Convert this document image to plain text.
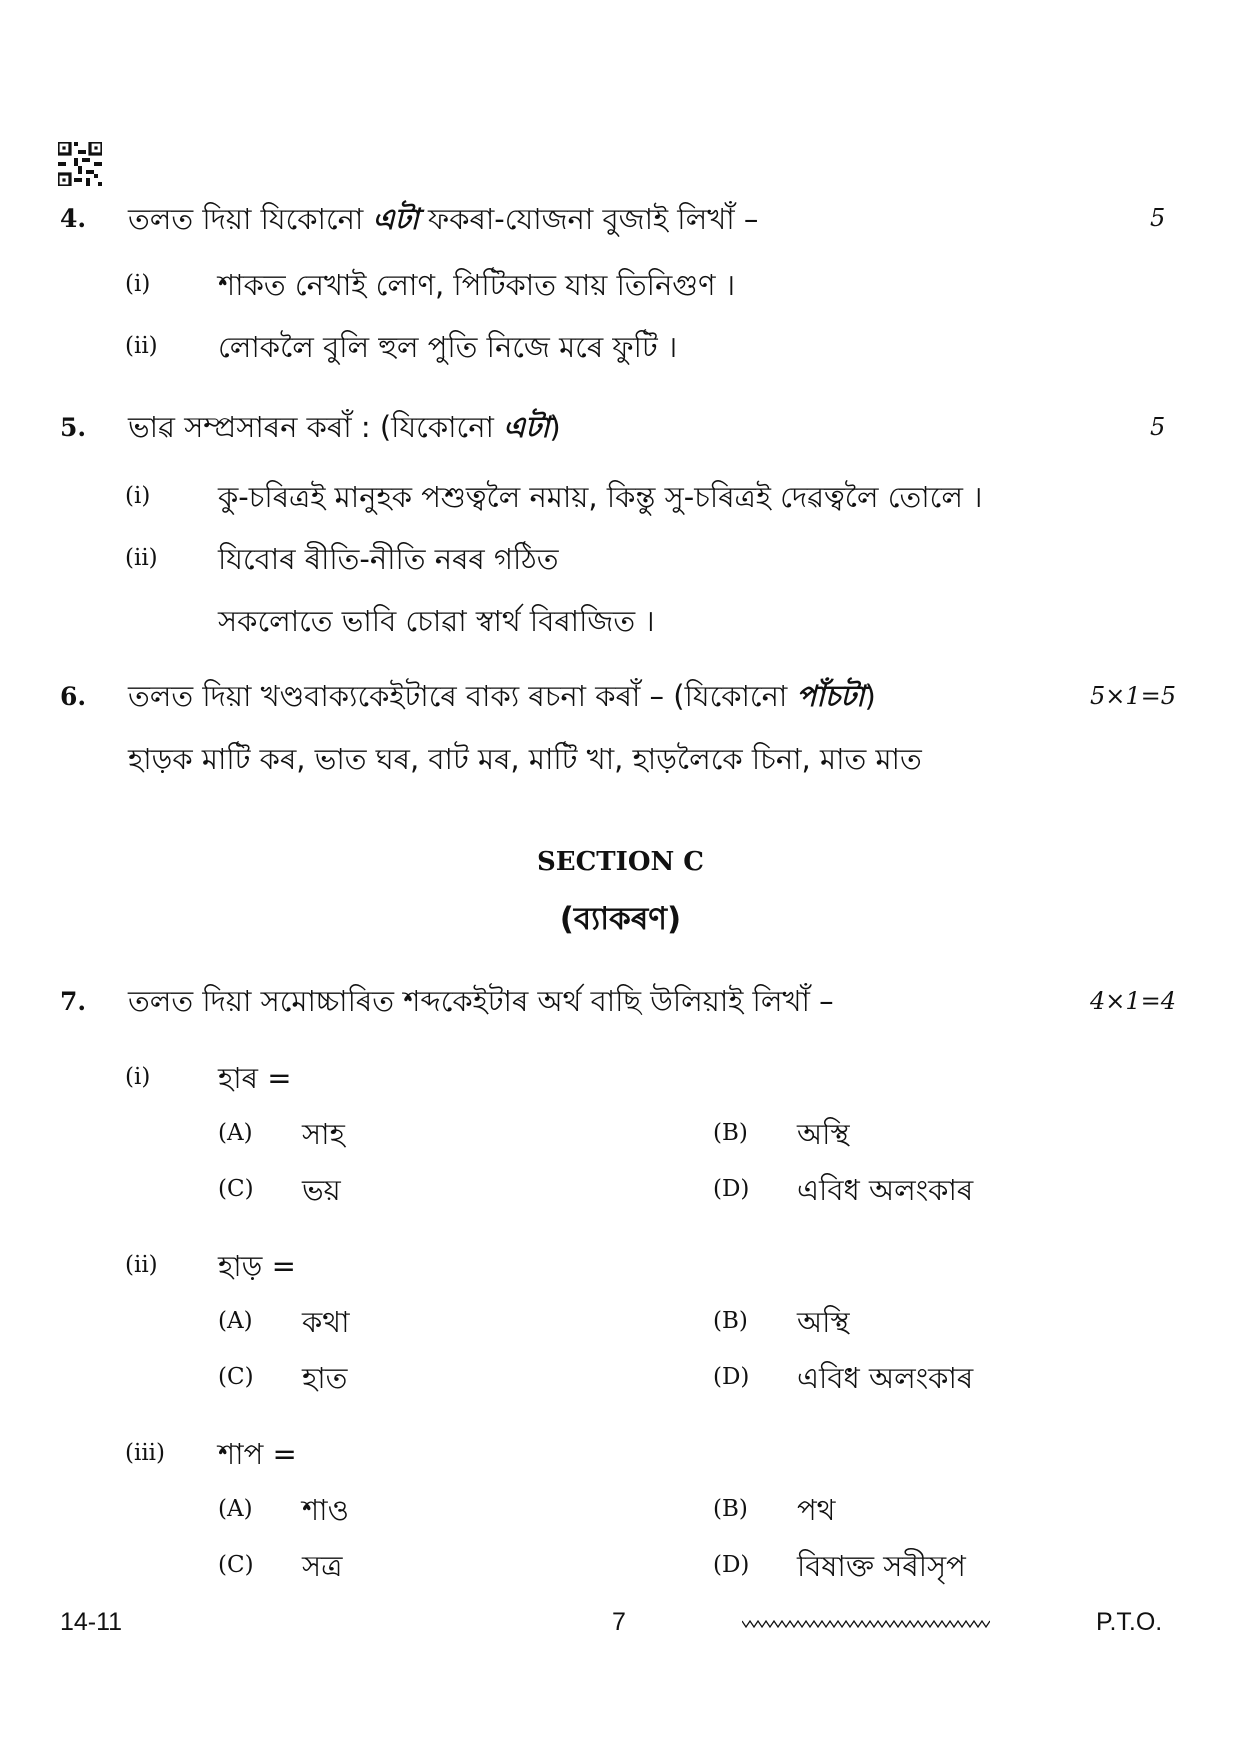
4. তলত দিয়া যিকোনো এটা ফকৰা-যোজনা বুজাই লিখাঁ –	5
(i) শাকত নেখাই লোণ, পিটিকাত যায় তিনিগুণ ।
(ii) লোকলৈ বুলি হুল পুতি নিজে মৰে ফুটি ।
5. ভাৱ সম্প্ৰসাৰন কৰাঁ : (যিকোনো এটা)	5
(i) কু-চৰিত্ৰই মানুহক পশুত্বলৈ নমায়, কিন্তু সু-চৰিত্ৰই দেৱত্বলৈ তোলে ।
(ii) যিবোৰ ৰীতি-নীতি নৰৰ গঠিত
সকলোতে ভাবি চোৱা স্বাৰ্থ বিৰাজিত ।
6. তলত দিয়া খণ্ডবাক্যকেইটাৰে বাক্য ৰচনা কৰাঁ – (যিকোনো পাঁচটা)	5×1=5
হাড়ক মাটি কৰ, ভাত ঘৰ, বাট মৰ, মাটি খা, হাড়লৈকে চিনা, মাত মাত
SECTION C
(ব্যাকৰণ)
7. তলত দিয়া সমোচ্চাৰিত শব্দকেইটাৰ অৰ্থ বাছি উলিয়াই লিখাঁ –	4×1=4
(i) হাৰ =
(A) সাহ	(B) অস্থি
(C) ভয়	(D) এবিধ অলংকাৰ
(ii) হাড় =
(A) কথা	(B) অস্থি
(C) হাত	(D) এবিধ অলংকাৰ
(iii) শাপ =
(A) শাও	(B) পথ
(C) সত্ৰ	(D) বিষাক্ত সৰীসৃপ
14-11	7	P.T.O.
